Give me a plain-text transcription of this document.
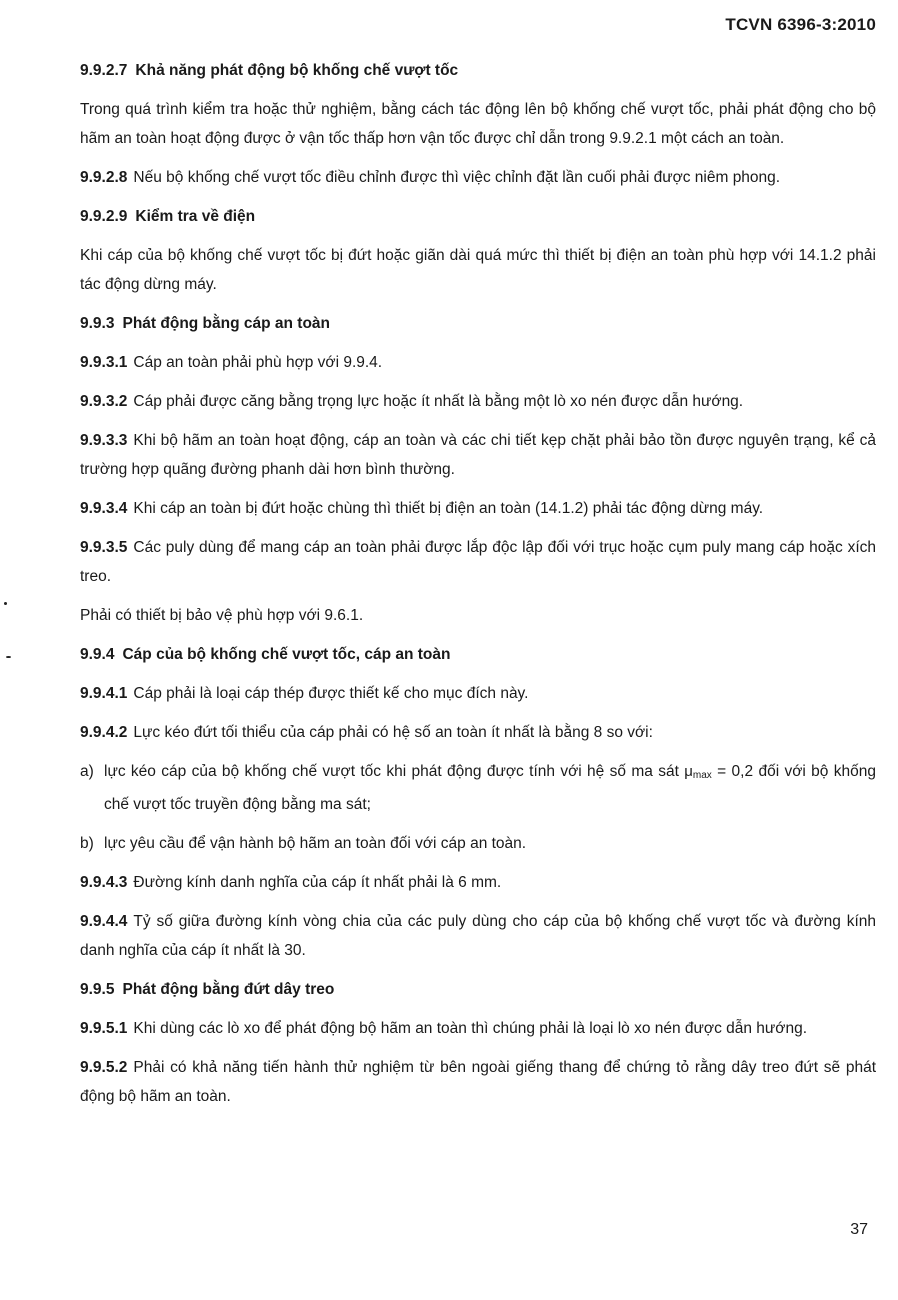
TCVN 6396-3:2010
9.9.2.7 Khả năng phát động bộ khống chế vượt tốc

Trong quá trình kiểm tra hoặc thử nghiệm, bằng cách tác động lên bộ khống chế vượt tốc, phải phát động cho bộ hãm an toàn hoạt động được ở vận tốc thấp hơn vận tốc được chỉ dẫn trong 9.9.2.1 một cách an toàn.

9.9.2.8 Nếu bộ khống chế vượt tốc điều chỉnh được thì việc chỉnh đặt lần cuối phải được niêm phong.

9.9.2.9 Kiểm tra về điện

Khi cáp của bộ khống chế vượt tốc bị đứt hoặc giãn dài quá mức thì thiết bị điện an toàn phù hợp với 14.1.2 phải tác động dừng máy.

9.9.3 Phát động bằng cáp an toàn

9.9.3.1 Cáp an toàn phải phù hợp với 9.9.4.

9.9.3.2 Cáp phải được căng bằng trọng lực hoặc ít nhất là bằng một lò xo nén được dẫn hướng.

9.9.3.3 Khi bộ hãm an toàn hoạt động, cáp an toàn và các chi tiết kẹp chặt phải bảo tồn được nguyên trạng, kể cả trường hợp quãng đường phanh dài hơn bình thường.

9.9.3.4 Khi cáp an toàn bị đứt hoặc chùng thì thiết bị điện an toàn (14.1.2) phải tác động dừng máy.

9.9.3.5 Các puly dùng để mang cáp an toàn phải được lắp độc lập đối với trục hoặc cụm puly mang cáp hoặc xích treo.

Phải có thiết bị bảo vệ phù hợp với 9.6.1.

9.9.4 Cáp của bộ khống chế vượt tốc, cáp an toàn

9.9.4.1 Cáp phải là loại cáp thép được thiết kế cho mục đích này.

9.9.4.2 Lực kéo đứt tối thiểu của cáp phải có hệ số an toàn ít nhất là bằng 8 so với:

a) lực kéo cáp của bộ khống chế vượt tốc khi phát động được tính với hệ số ma sát $\mu_{max} = 0,2$ đối với bộ khống chế vượt tốc truyền động bằng ma sát;
b) lực yêu cầu để vận hành bộ hãm an toàn đối với cáp an toàn.

9.9.4.3 Đường kính danh nghĩa của cáp ít nhất phải là 6 mm.

9.9.4.4 Tỷ số giữa đường kính vòng chia của các puly dùng cho cáp của bộ khống chế vượt tốc và đường kính danh nghĩa của cáp ít nhất là 30.

9.9.5 Phát động bằng đứt dây treo

9.9.5.1 Khi dùng các lò xo để phát động bộ hãm an toàn thì chúng phải là loại lò xo nén được dẫn hướng.

9.9.5.2 Phải có khả năng tiến hành thử nghiệm từ bên ngoài giếng thang để chứng tỏ rằng dây treo đứt sẽ phát động bộ hãm an toàn.

37
